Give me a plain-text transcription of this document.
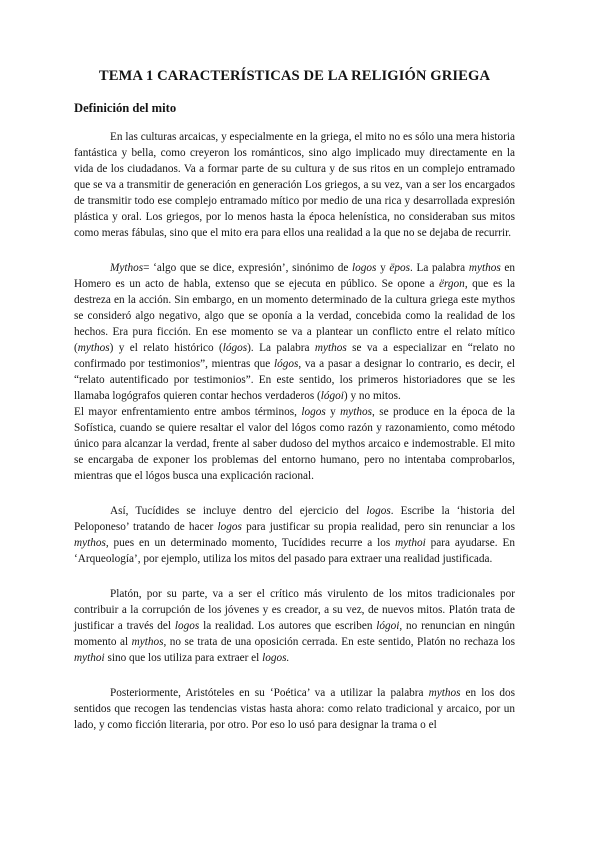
TEMA 1 CARACTERÍSTICAS DE LA RELIGIÓN GRIEGA
Definición del mito

En las culturas arcaicas, y especialmente en la griega, el mito no es sólo una mera historia fantástica y bella, como creyeron los románticos, sino algo implicado muy directamente en la vida de los ciudadanos. Va a formar parte de su cultura y de sus ritos en un complejo entramado que se va a transmitir de generación en generación Los griegos, a su vez, van a ser los encargados de transmitir todo ese complejo entramado mítico por medio de una rica y desarrollada expresión plástica y oral. Los griegos, por lo menos hasta la época helenística, no consideraban sus mitos como meras fábulas, sino que el mito era para ellos una realidad a la que no se dejaba de recurrir.

Mythos= ‘algo que se dice, expresión’, sinónimo de logos y ëpos. La palabra mythos en Homero es un acto de habla, extenso que se ejecuta en público. Se opone a ërgon, que es la destreza en la acción. Sin embargo, en un momento determinado de la cultura griega este mythos se consideró algo negativo, algo que se oponía a la verdad, concebida como la realidad de los hechos. Era pura ficción. En ese momento se va a plantear un conflicto entre el relato mítico (mythos) y el relato histórico (lógos). La palabra mythos se va a especializar en “relato no confirmado por testimonios”, mientras que lógos, va a pasar a designar lo contrario, es decir, el “relato autentificado por testimonios”. En este sentido, los primeros historiadores que se les llamaba logógrafos quieren contar hechos verdaderos (lógoi) y no mitos.

El mayor enfrentamiento entre ambos términos, logos y mythos, se produce en la época de la Sofística, cuando se quiere resaltar el valor del lógos como razón y razonamiento, como método único para alcanzar la verdad, frente al saber dudoso del mythos arcaico e indemostrable. El mito se encargaba de exponer los problemas del entorno humano, pero no intentaba comprobarlos, mientras que el lógos busca una explicación racional.

Así, Tucídides se incluye dentro del ejercicio del logos. Escribe la ‘historia del Peloponeso’ tratando de hacer logos para justificar su propia realidad, pero sin renunciar a los mythos, pues en un determinado momento, Tucídides recurre a los mythoi para ayudarse. En ‘Arqueología’, por ejemplo, utiliza los mitos del pasado para extraer una realidad justificada.

Platón, por su parte, va a ser el crítico más virulento de los mitos tradicionales por contribuir a la corrupción de los jóvenes y es creador, a su vez, de nuevos mitos. Platón trata de justificar a través del logos la realidad. Los autores que escriben lógoi, no renuncian en ningún momento al mythos, no se trata de una oposición cerrada. En este sentido, Platón no rechaza los mythoi sino que los utiliza para extraer el logos.

Posteriormente, Aristóteles en su ‘Poética’ va a utilizar la palabra mythos en los dos sentidos que recogen las tendencias vistas hasta ahora: como relato tradicional y arcaico, por un lado, y como ficción literaria, por otro. Por eso lo usó para designar la trama o el
